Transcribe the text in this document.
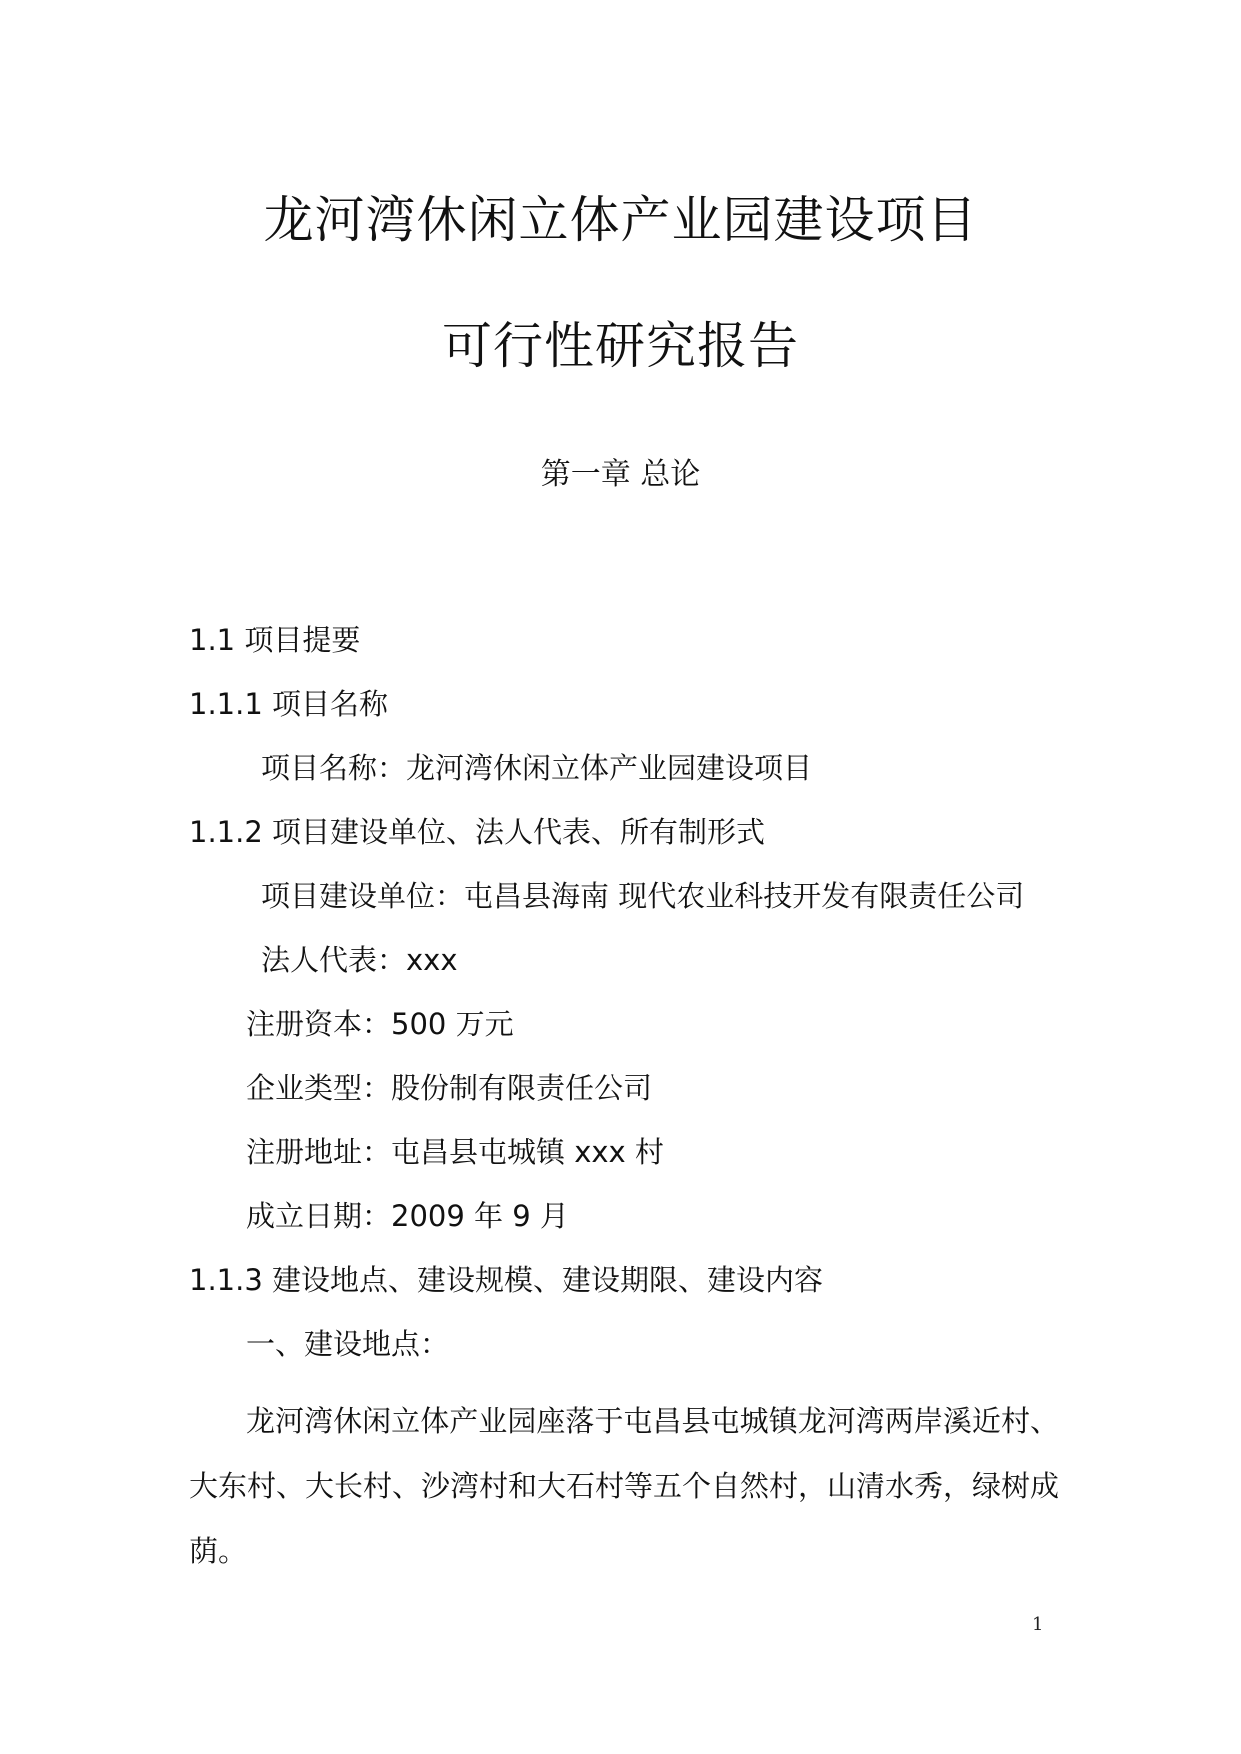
龙河湾休闲立体产业园建设项目
可行性研究报告
第一章 总论
1.1 项目提要
1.1.1 项目名称
项目名称：龙河湾休闲立体产业园建设项目
1.1.2 项目建设单位、法人代表、所有制形式
项目建设单位：屯昌县海南 现代农业科技开发有限责任公司
法人代表：xxx
注册资本：500 万元
企业类型：股份制有限责任公司
注册地址：屯昌县屯城镇 xxx 村
成立日期：2009 年 9 月
1.1.3 建设地点、建设规模、建设期限、建设内容
一、建设地点：
龙河湾休闲立体产业园座落于屯昌县屯城镇龙河湾两岸溪近村、大东村、大长村、沙湾村和大石村等五个自然村，山清水秀，绿树成荫。
1
